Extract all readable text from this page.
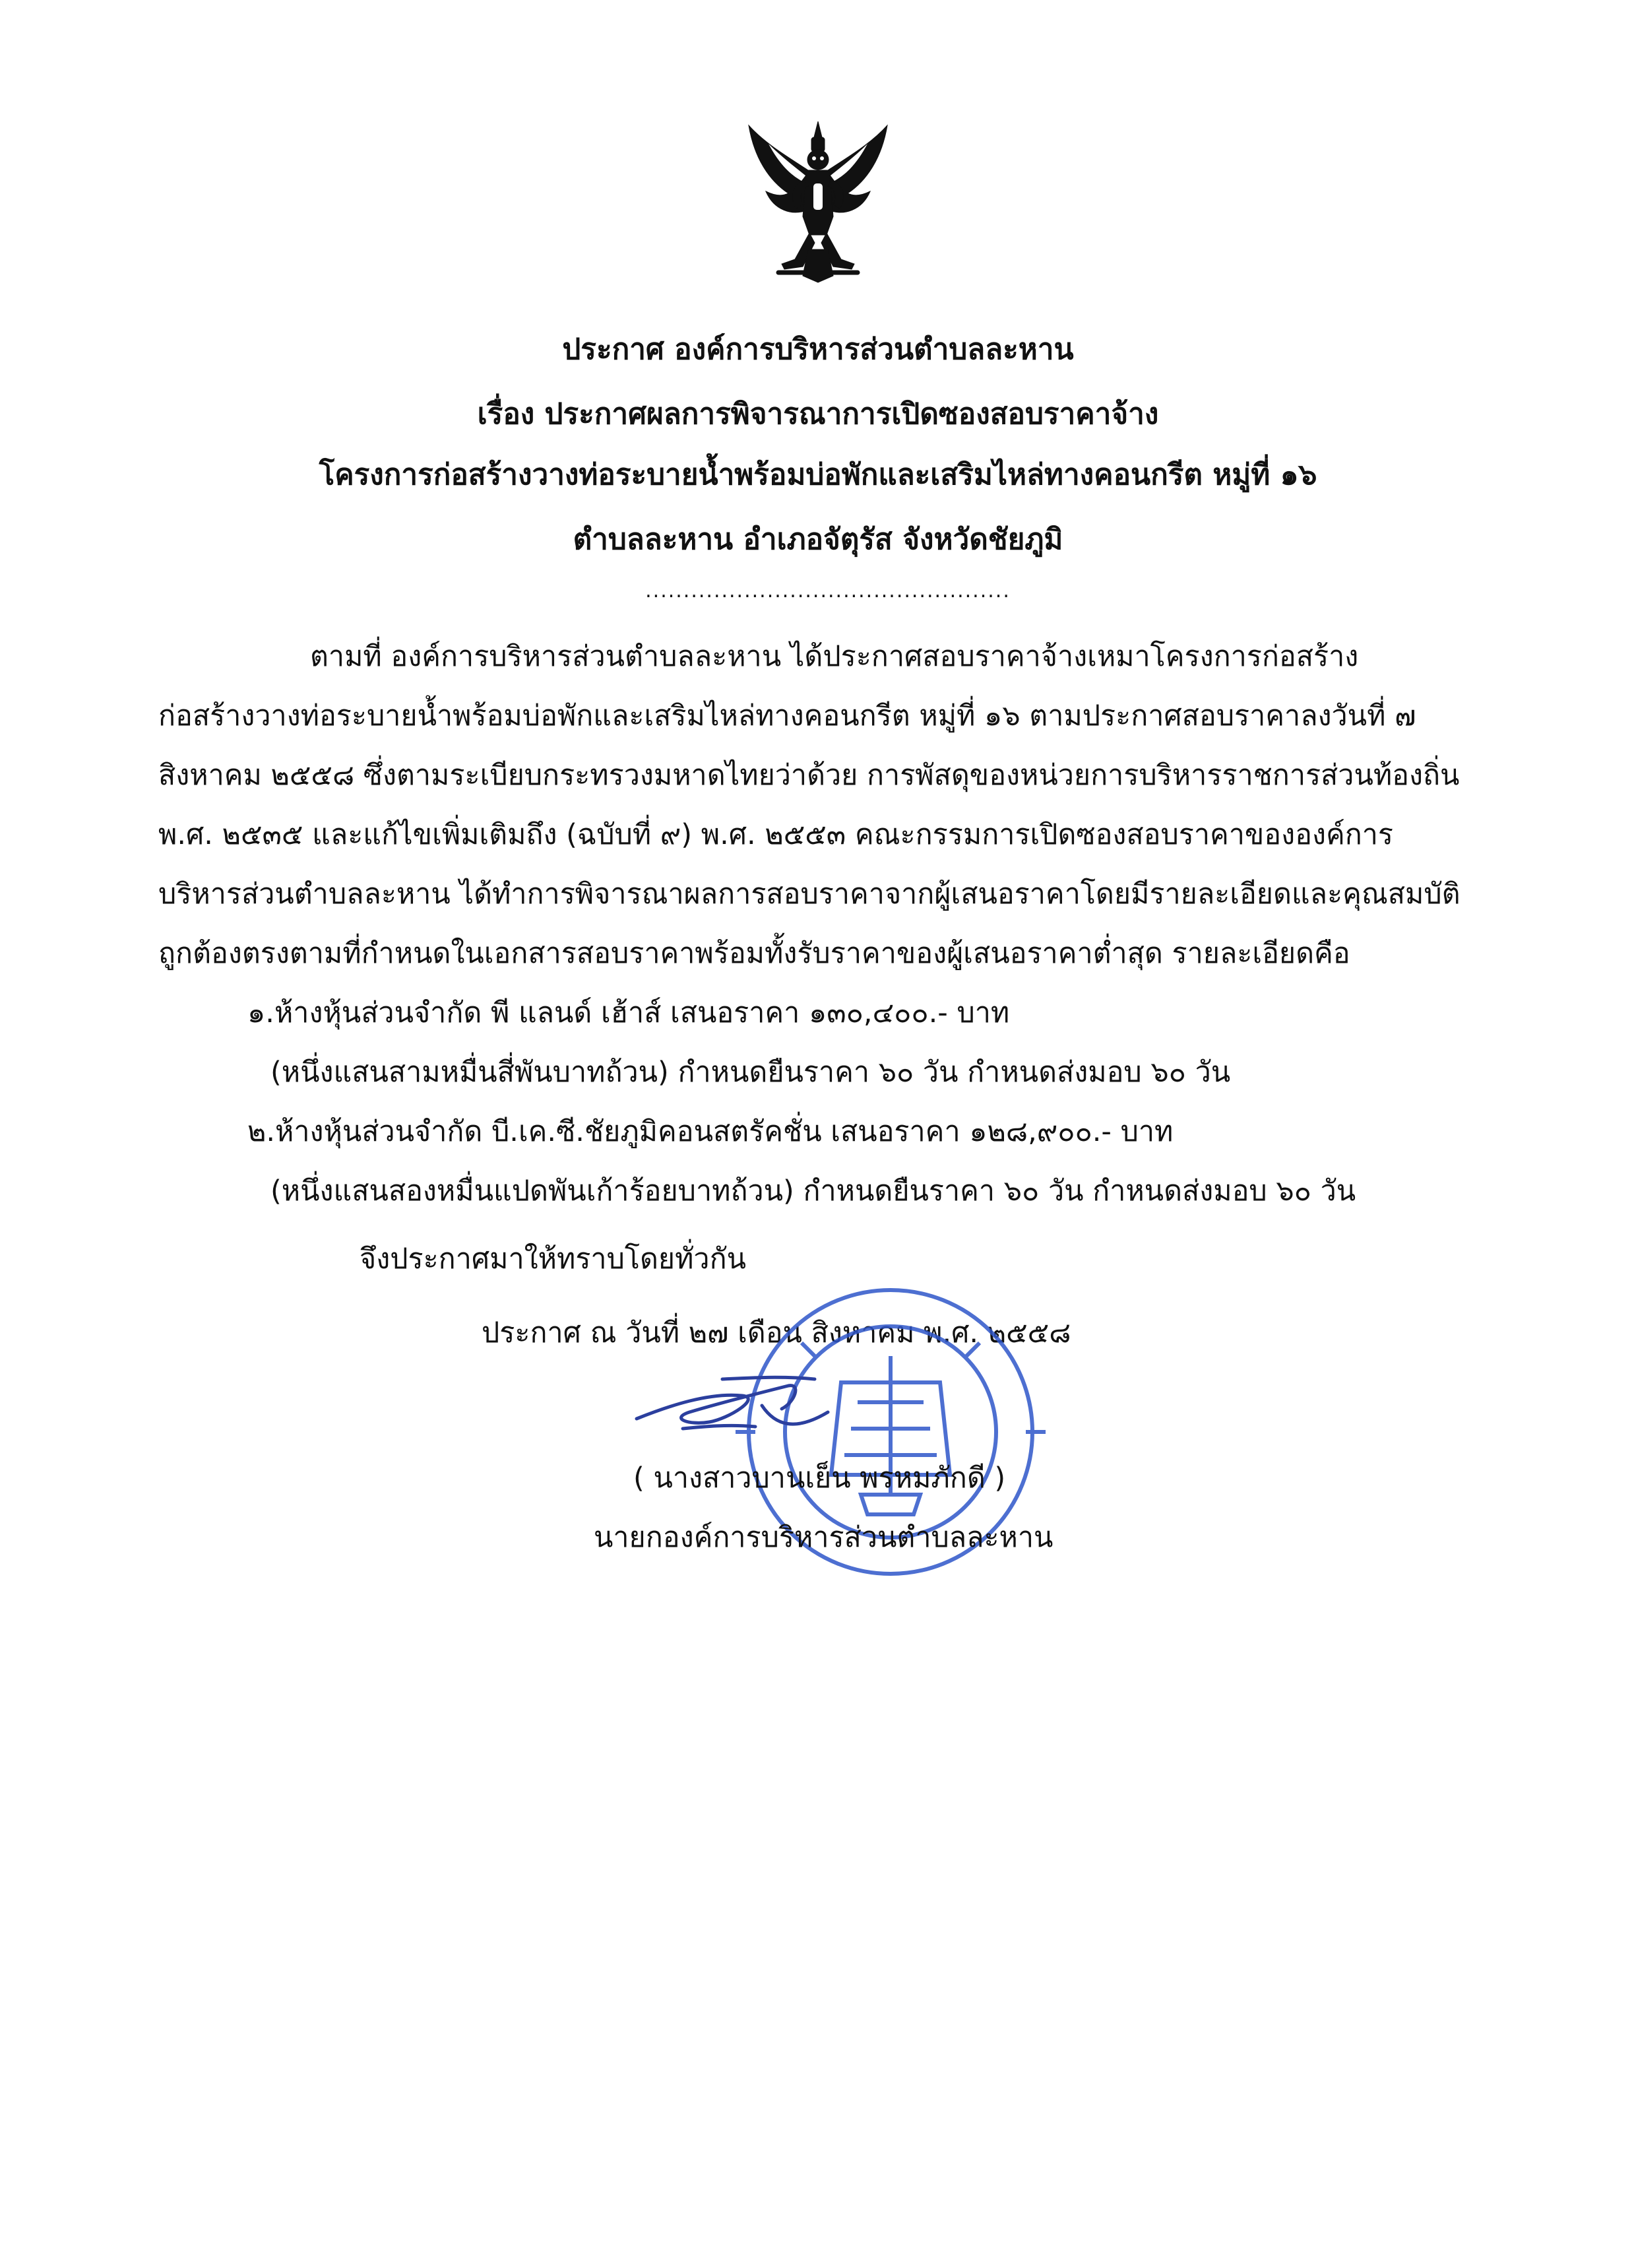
ประกาศ องค์การบริหารส่วนตำบลละหาน
เรื่อง ประกาศผลการพิจารณาการเปิดซองสอบราคาจ้าง
โครงการก่อสร้างวางท่อระบายน้ำพร้อมบ่อพักและเสริมไหล่ทางคอนกรีต หมู่ที่ ๑๖
ตำบลละหาน อำเภอจัตุรัส จังหวัดชัยภูมิ
................................................
ตามที่ องค์การบริหารส่วนตำบลละหาน ได้ประกาศสอบราคาจ้างเหมาโครงการก่อสร้าง
ก่อสร้างวางท่อระบายน้ำพร้อมบ่อพักและเสริมไหล่ทางคอนกรีต หมู่ที่ ๑๖ ตามประกาศสอบราคาลงวันที่ ๗
สิงหาคม ๒๕๕๘ ซึ่งตามระเบียบกระทรวงมหาดไทยว่าด้วย การพัสดุของหน่วยการบริหารราชการส่วนท้องถิ่น
พ.ศ. ๒๕๓๕ และแก้ไขเพิ่มเติมถึง (ฉบับที่ ๙) พ.ศ. ๒๕๕๓ คณะกรรมการเปิดซองสอบราคาขององค์การ
บริหารส่วนตำบลละหาน ได้ทำการพิจารณาผลการสอบราคาจากผู้เสนอราคาโดยมีรายละเอียดและคุณสมบัติ
ถูกต้องตรงตามที่กำหนดในเอกสารสอบราคาพร้อมทั้งรับราคาของผู้เสนอราคาต่ำสุด รายละเอียดคือ
๑.ห้างหุ้นส่วนจำกัด พี แลนด์ เฮ้าส์ เสนอราคา ๑๓๐,๔๐๐.- บาท
(หนึ่งแสนสามหมื่นสี่พันบาทถ้วน) กำหนดยืนราคา ๖๐ วัน กำหนดส่งมอบ ๖๐ วัน
๒.ห้างหุ้นส่วนจำกัด บี.เค.ซี.ชัยภูมิคอนสตรัคชั่น เสนอราคา ๑๒๘,๙๐๐.- บาท
(หนึ่งแสนสองหมื่นแปดพันเก้าร้อยบาทถ้วน) กำหนดยืนราคา ๖๐ วัน กำหนดส่งมอบ ๖๐ วัน
จึงประกาศมาให้ทราบโดยทั่วกัน
ประกาศ ณ วันที่ ๒๗ เดือน สิงหาคม พ.ศ. ๒๕๕๘
( นางสาวบานเย็น พรหมภักดี )
นายกองค์การบริหารส่วนตำบลละหาน
